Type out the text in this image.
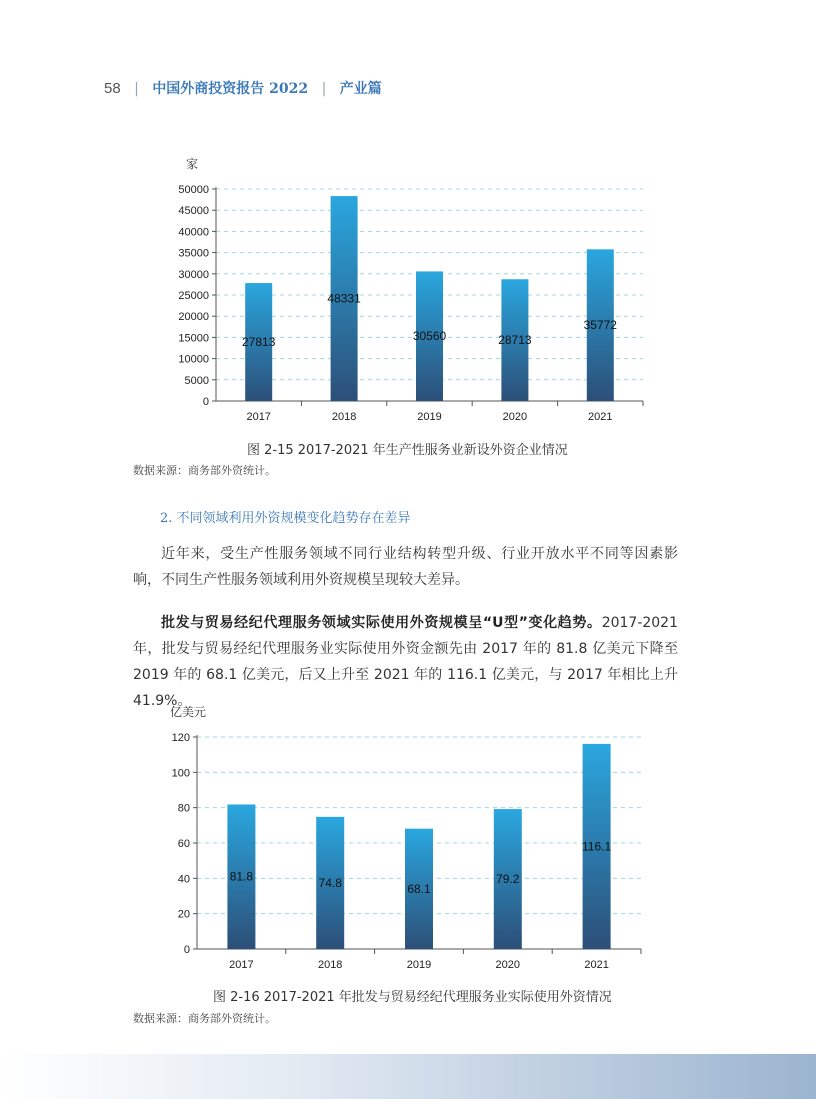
58 | 中国外商投资报告 2022 | 产业篇
家
0
5000
10000
15000
20000
25000
30000
35000
40000
45000
50000
2017
27813
2018
48331
2019
30560
2020
28713
2021
35772
图 2-15 2017-2021 年生产性服务业新设外资企业情况
数据来源：商务部外资统计。
2. 不同领域利用外资规模变化趋势存在差异
近年来，受生产性服务领域不同行业结构转型升级、行业开放水平不同等因素影响，不同生产性服务领域利用外资规模呈现较大差异。
批发与贸易经纪代理服务领域实际使用外资规模呈“U型”变化趋势。2017-2021 年，批发与贸易经纪代理服务业实际使用外资金额先由 2017 年的 81.8 亿美元下降至 2019 年的 68.1 亿美元，后又上升至 2021 年的 116.1 亿美元，与 2017 年相比上升 41.9%。
亿美元
0
20
40
60
80
100
120
2017
81.8
2018
74.8
2019
68.1
2020
79.2
2021
116.1
图 2-16 2017-2021 年批发与贸易经纪代理服务业实际使用外资情况
数据来源：商务部外资统计。
